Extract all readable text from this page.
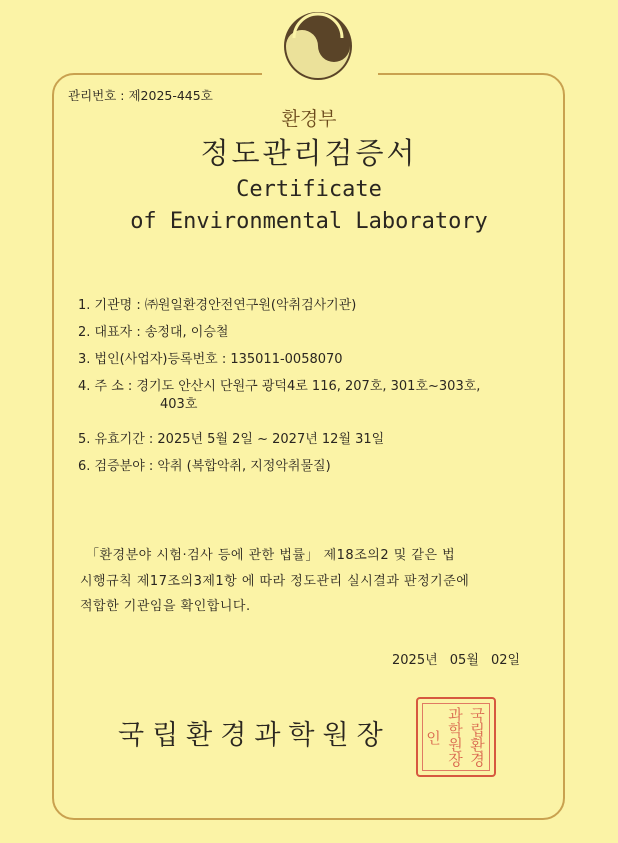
관리번호 : 제2025-445호
환경부
정도관리검증서
Certificate
of Environmental Laboratory
1. 기관명 : ㈜원일환경안전연구원(악취검사기관)
2. 대표자 : 송정대, 이승철
3. 법인(사업자)등록번호 : 135011-0058070
4. 주 소 : 경기도 안산시 단원구 광덕4로 116, 207호, 301호~303호,
403호
5. 유효기간 : 2025년 5월 2일 ~ 2027년 12월 31일
6. 검증분야 : 악취 (복합악취, 지정악취물질)
「환경분야 시험·검사 등에 관한 법률」 제18조의2 및 같은 법
시행규칙 제17조의3제1항 에 따라 정도관리 실시결과 판정기준에
적합한 기관임을 확인합니다.
2025년 05월 02일
국립환경과학원장	국립환경 과학원장인
